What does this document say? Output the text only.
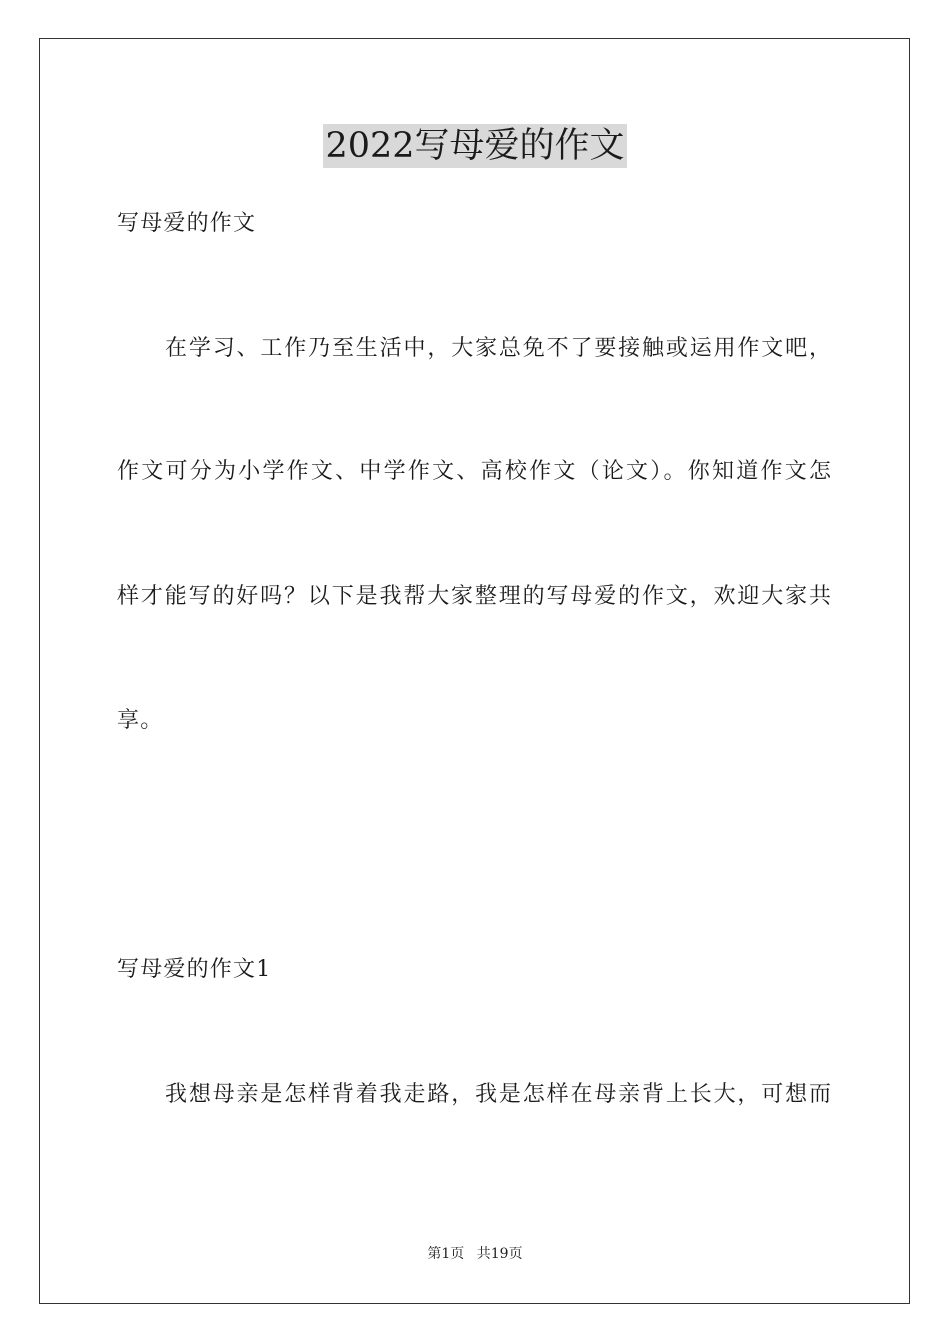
2022写母爱的作文
写母爱的作文
在学习、工作乃至生活中，大家总免不了要接触或运用作文吧，
作文可分为小学作文、中学作文、高校作文（论文）。你知道作文怎
样才能写的好吗？以下是我帮大家整理的写母爱的作文，欢迎大家共
享。
写母爱的作文1
我想母亲是怎样背着我走路，我是怎样在母亲背上长大，可想而
第1页 共19页
